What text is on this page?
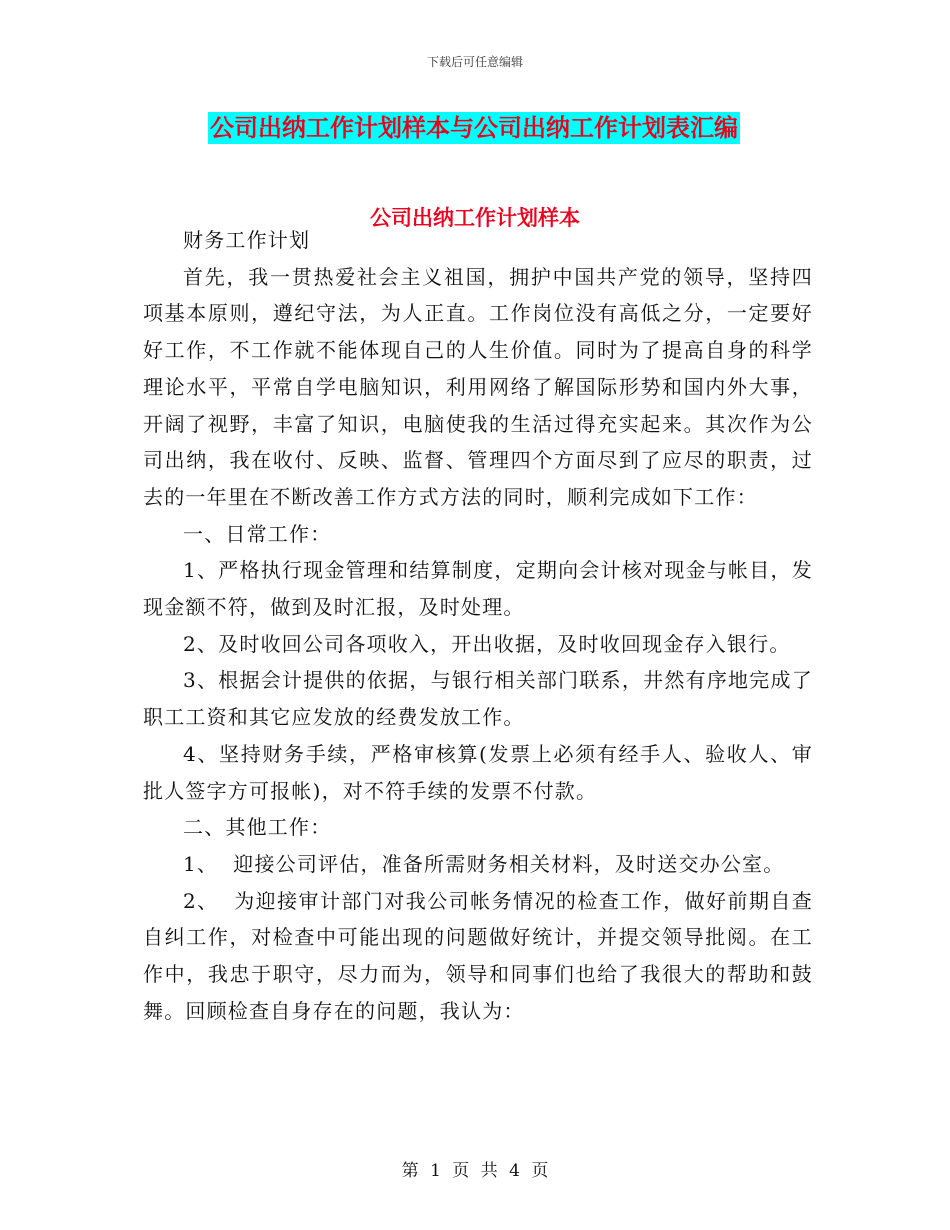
下载后可任意编辑
公司出纳工作计划样本与公司出纳工作计划表汇编
公司出纳工作计划样本

财务工作计划

首先，我一贯热爱社会主义祖国，拥护中国共产党的领导，坚持四项基本原则，遵纪守法，为人正直。工作岗位没有高低之分，一定要好好工作，不工作就不能体现自己的人生价值。同时为了提高自身的科学理论水平，平常自学电脑知识，利用网络了解国际形势和国内外大事，开阔了视野，丰富了知识，电脑使我的生活过得充实起来。其次作为公司出纳，我在收付、反映、监督、管理四个方面尽到了应尽的职责，过去的一年里在不断改善工作方式方法的同时，顺利完成如下工作：

一、日常工作：

1、严格执行现金管理和结算制度，定期向会计核对现金与帐目，发现金额不符，做到及时汇报，及时处理。

2、及时收回公司各项收入，开出收据，及时收回现金存入银行。

3、根据会计提供的依据，与银行相关部门联系，井然有序地完成了职工工资和其它应发放的经费发放工作。

4、坚持财务手续，严格审核算(发票上必须有经手人、验收人、审批人签字方可报帐)，对不符手续的发票不付款。

二、其他工作：

1、  迎接公司评估，准备所需财务相关材料，及时送交办公室。

2、  为迎接审计部门对我公司帐务情况的检查工作，做好前期自查自纠工作，对检查中可能出现的问题做好统计，并提交领导批阅。在工作中，我忠于职守，尽力而为，领导和同事们也给了我很大的帮助和鼓舞。回顾检查自身存在的问题，我认为：

第 1 页 共 4 页
